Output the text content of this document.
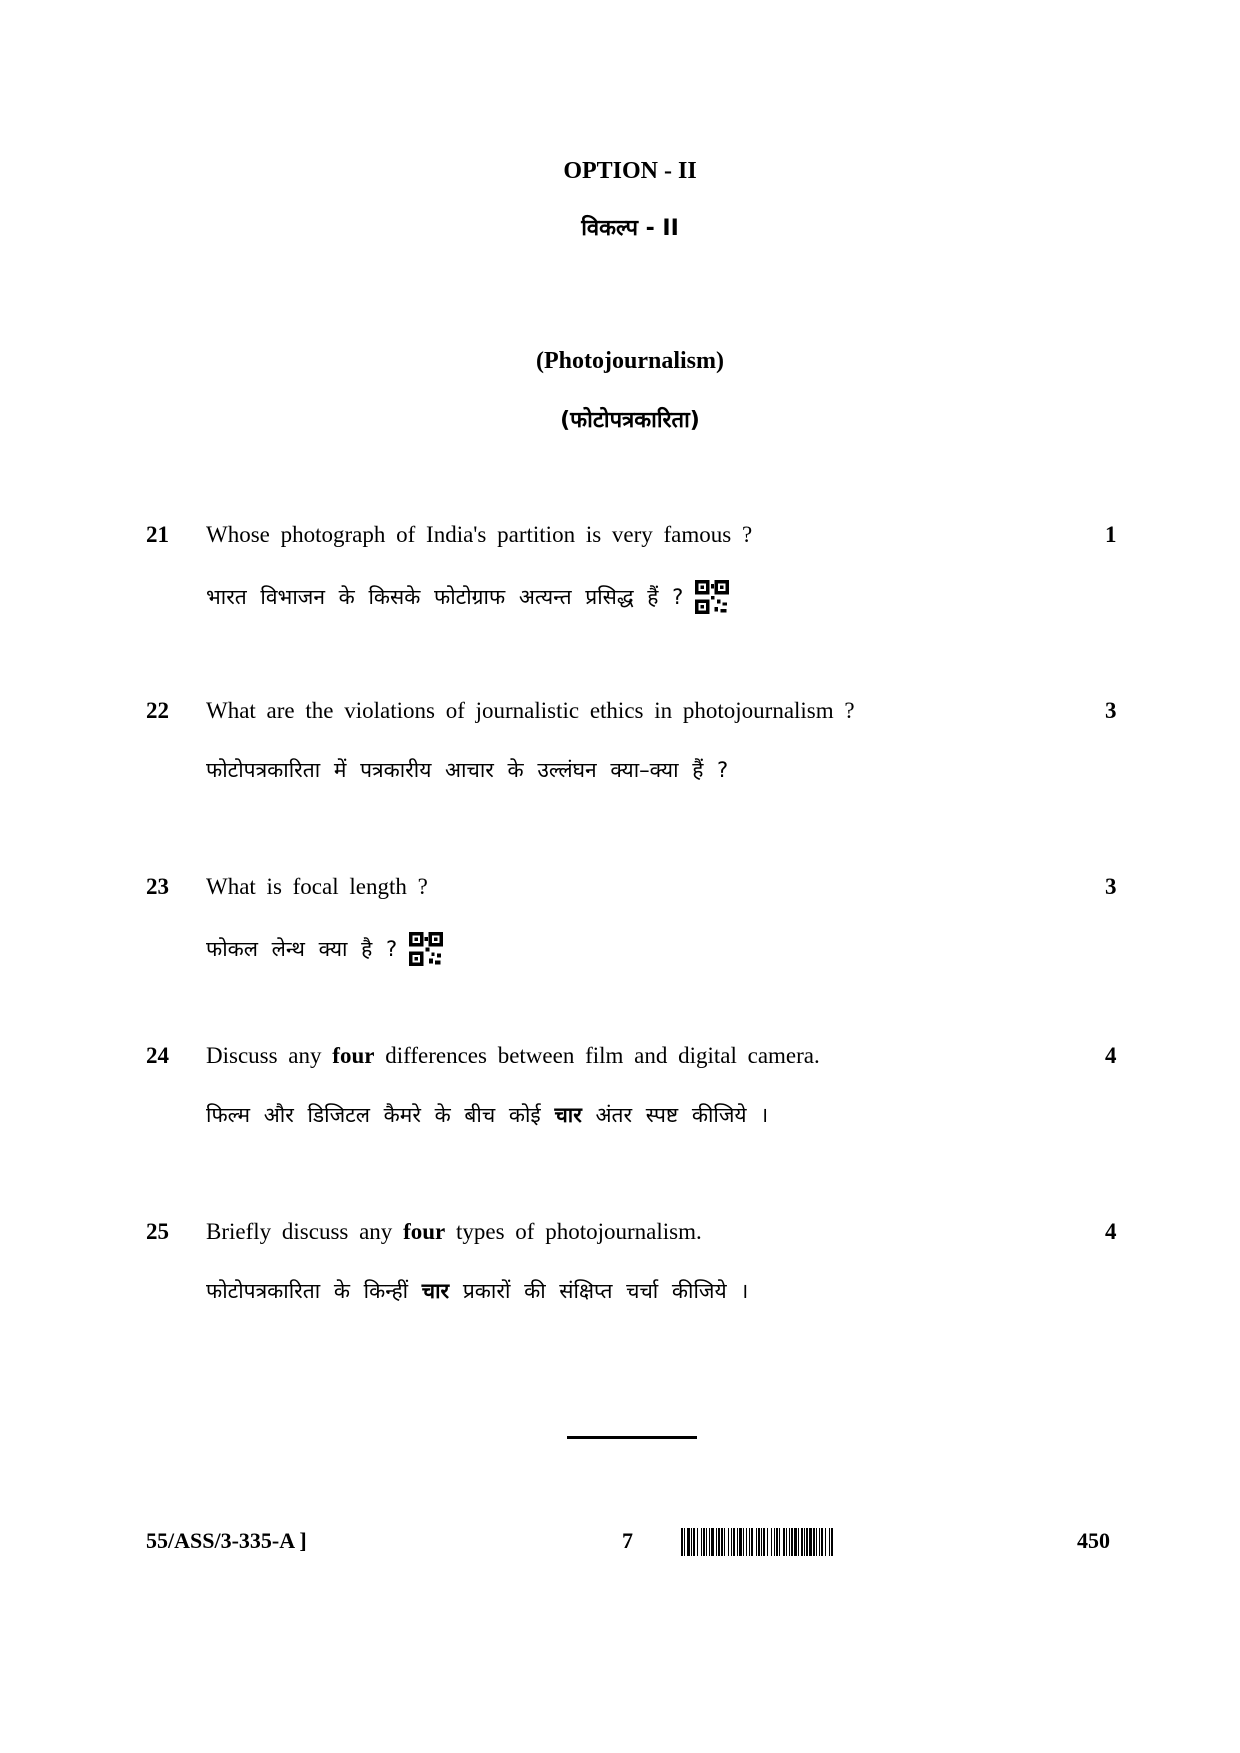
OPTION - II
विकल्प - II
(Photojournalism)
(फोटोपत्रकारिता)
21 Whose photograph of India's partition is very famous ?
भारत विभाजन के किसके फोटोग्राफ अत्यन्त प्रसिद्ध हैं ?
1
22 What are the violations of journalistic ethics in photojournalism ?
फोटोपत्रकारिता में पत्रकारीय आचार के उल्लंघन क्या–क्या हैं ?
3
23 What is focal length ?
फोकल लेन्थ क्या है ?
3
24 Discuss any four differences between film and digital camera.
फिल्म और डिजिटल कैमरे के बीच कोई चार अंतर स्पष्ट कीजिये ।
4
25 Briefly discuss any four types of photojournalism.
फोटोपत्रकारिता के किन्हीं चार प्रकारों की संक्षिप्त चर्चा कीजिये ।
4
55/ASS/3-335-A ]	7	450
